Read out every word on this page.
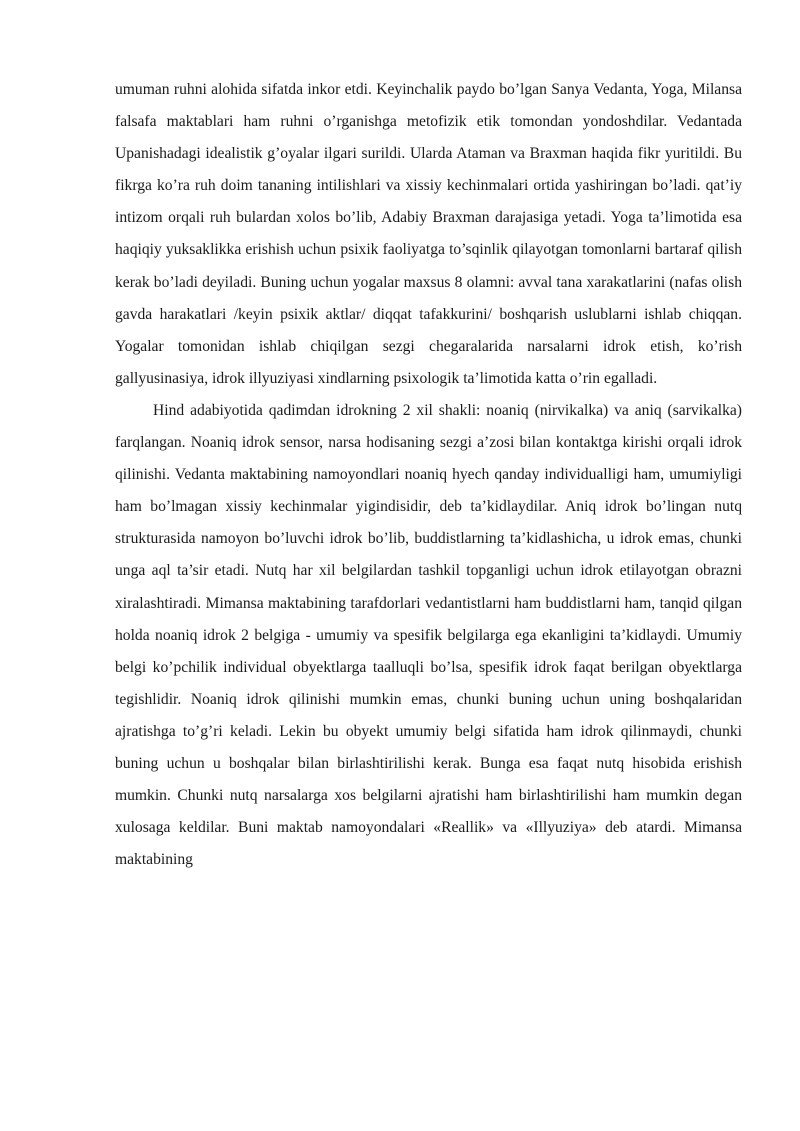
umuman ruhni alohida sifatda inkor etdi. Keyinchalik paydo bo’lgan Sanya Vedanta, Yoga, Milansa falsafa maktablari ham ruhni o’rganishga metofizik etik tomondan yondoshdilar. Vedantada Upanishadagi idealistik g’oyalar ilgari surildi. Ularda Ataman va Braxman haqida fikr yuritildi. Bu fikrga ko’ra ruh doim tananing intilishlari va xissiy kechinmalari ortida yashiringan bo’ladi. qat’iy intizom orqali ruh bulardan xolos bo’lib, Adabiy Braxman darajasiga yetadi. Yoga ta’limotida esa haqiqiy yuksaklikka erishish uchun psixik faoliyatga to’sqinlik qilayotgan tomonlarni bartaraf qilish kerak bo’ladi deyiladi. Buning uchun yogalar maxsus 8 olamni: avval tana xarakatlarini (nafas olish gavda harakatlari /keyin psixik aktlar/ diqqat tafakkurini/ boshqarish uslublarni ishlab chiqqan. Yogalar tomonidan ishlab chiqilgan sezgi chegaralarida narsalarni idrok etish, ko’rish gallyusinasiya, idrok illyuziyasi xindlarning psixologik ta’limotida katta o’rin egalladi.

Hind adabiyotida qadimdan idrokning 2 xil shakli: noaniq (nirvikalka) va aniq (sarvikalka) farqlangan. Noaniq idrok sensor, narsa hodisaning sezgi a’zosi bilan kontaktga kirishi orqali idrok qilinishi. Vedanta maktabining namoyondlari noaniq hyech qanday individualligi ham, umumiyligi ham bo’lmagan xissiy kechinmalar yigindisidir, deb ta’kidlaydilar. Aniq idrok bo’lingan nutq strukturasida namoyon bo’luvchi idrok bo’lib, buddistlarning ta’kidlashicha, u idrok emas, chunki unga aql ta’sir etadi. Nutq har xil belgilardan tashkil topganligi uchun idrok etilayotgan obrazni xiralashtiradi. Mimansa maktabining tarafdorlari vedantistlarni ham buddistlarni ham, tanqid qilgan holda noaniq idrok 2 belgiga - umumiy va spesifik belgilarga ega ekanligini ta’kidlaydi. Umumiy belgi ko’pchilik individual obyektlarga taalluqli bo’lsa, spesifik idrok faqat berilgan obyektlarga tegishlidir. Noaniq idrok qilinishi mumkin emas, chunki buning uchun uning boshqalaridan ajratishga to’g’ri keladi. Lekin bu obyekt umumiy belgi sifatida ham idrok qilinmaydi, chunki buning uchun u boshqalar bilan birlashtirilishi kerak. Bunga esa faqat nutq hisobida erishish mumkin. Chunki nutq narsalarga xos belgilarni ajratishi ham birlashtirilishi ham mumkin degan xulosaga keldilar. Buni maktab namoyondalari «Reallik» va «Illyuziya» deb atardi. Mimansa maktabining
